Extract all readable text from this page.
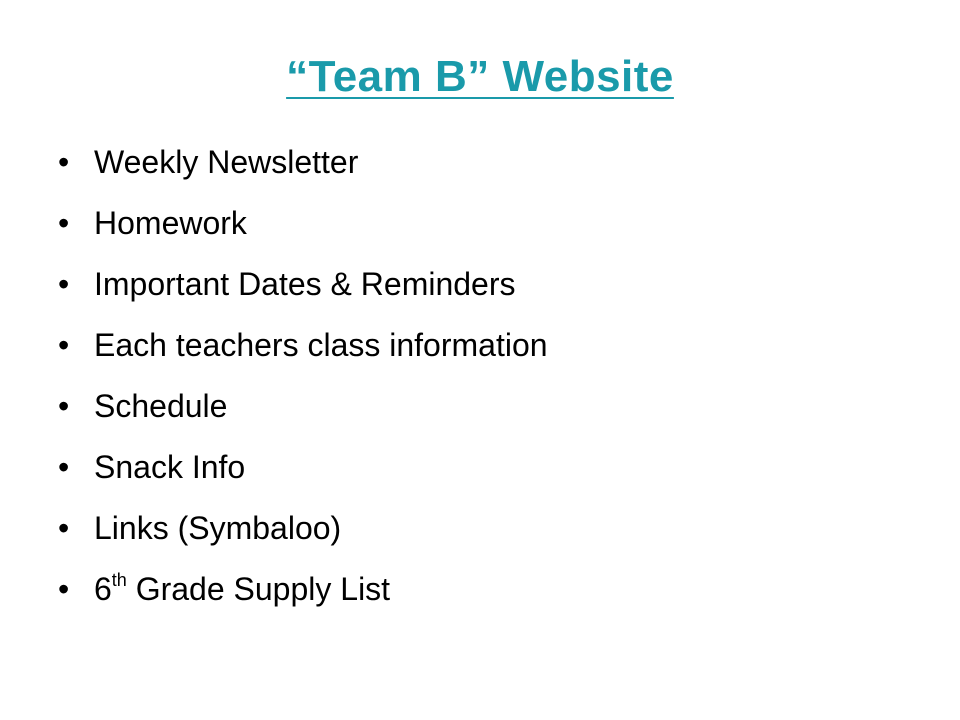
“Team B” Website
• Weekly Newsletter
• Homework
• Important Dates & Reminders
• Each teachers class information
• Schedule
• Snack Info
• Links (Symbaloo)
• 6th Grade Supply List
